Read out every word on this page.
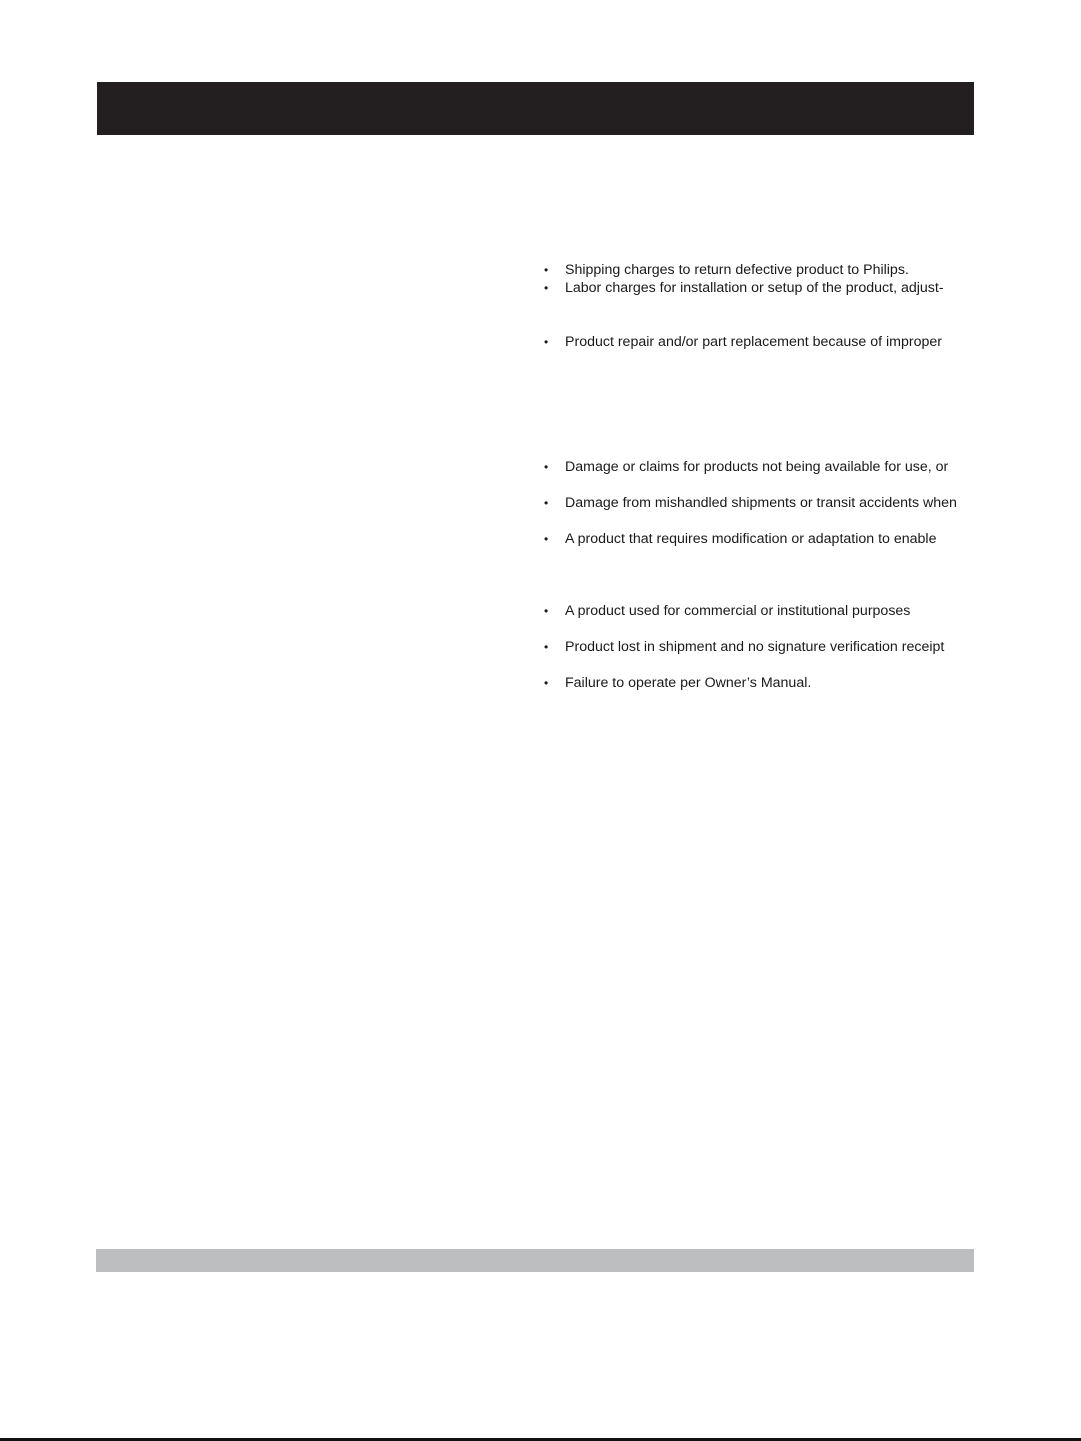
•	Shipping charges to return defective product to Philips.
•	Labor charges for installation or setup of the product, adjust-
•	Product repair and/or part replacement because of improper
•	Damage or claims for products not being available for use, or
•	Damage from mishandled shipments or transit accidents when
•	A product that requires modification or adaptation to enable
•	A product used for commercial or institutional purposes
•	Product lost in shipment and no signature verification receipt
•	Failure to operate per Owner’s Manual.
